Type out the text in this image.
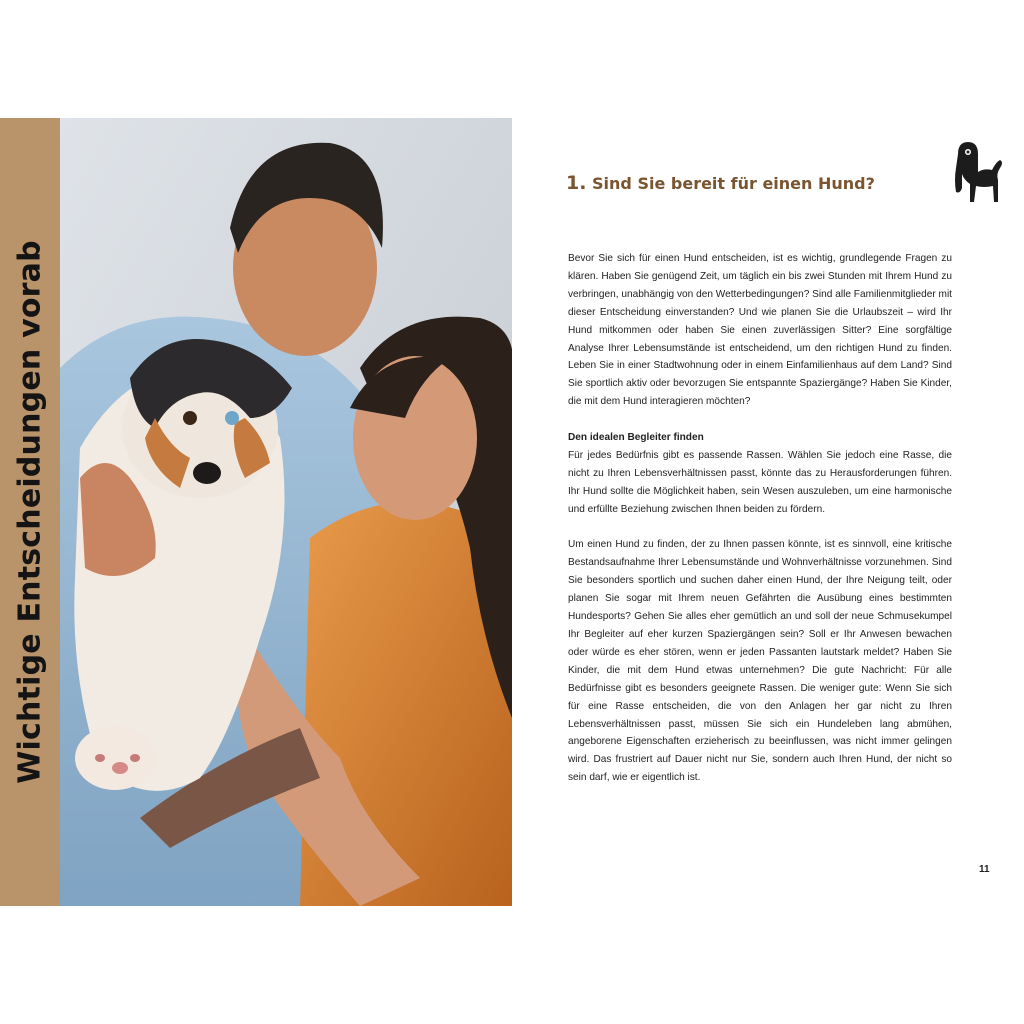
Wichtige Entscheidungen vorab
1. Sind Sie bereit für einen Hund?

Bevor Sie sich für einen Hund entscheiden, ist es wichtig, grundlegende Fragen zu klären. Haben Sie genügend Zeit, um täglich ein bis zwei Stunden mit Ihrem Hund zu verbringen, unabhängig von den Wetterbedingungen? Sind alle Familienmitglieder mit dieser Entscheidung einverstanden? Und wie planen Sie die Urlaubszeit – wird Ihr Hund mitkommen oder haben Sie einen zuverlässigen Sitter? Eine sorgfältige Analyse Ihrer Lebensumstände ist entscheidend, um den richtigen Hund zu finden. Leben Sie in einer Stadtwohnung oder in einem Einfamilienhaus auf dem Land? Sind Sie sportlich aktiv oder bevorzugen Sie entspannte Spaziergänge? Haben Sie Kinder, die mit dem Hund interagieren möchten?

Den idealen Begleiter finden

Für jedes Bedürfnis gibt es passende Rassen. Wählen Sie jedoch eine Rasse, die nicht zu Ihren Lebensverhältnissen passt, könnte das zu Herausforderungen führen. Ihr Hund sollte die Möglichkeit haben, sein Wesen auszuleben, um eine harmonische und erfüllte Beziehung zwischen Ihnen beiden zu fördern.

Um einen Hund zu finden, der zu Ihnen passen könnte, ist es sinnvoll, eine kritische Bestandsaufnahme Ihrer Lebensumstände und Wohnverhältnisse vorzunehmen. Sind Sie besonders sportlich und suchen daher einen Hund, der Ihre Neigung teilt, oder planen Sie sogar mit Ihrem neuen Gefährten die Ausübung eines bestimmten Hundesports? Gehen Sie alles eher gemütlich an und soll der neue Schmusekumpel Ihr Begleiter auf eher kurzen Spaziergängen sein? Soll er Ihr Anwesen bewachen oder würde es eher stören, wenn er jeden Passanten lautstark meldet? Haben Sie Kinder, die mit dem Hund etwas unternehmen? Die gute Nachricht: Für alle Bedürfnisse gibt es besonders geeignete Rassen. Die weniger gute: Wenn Sie sich für eine Rasse entscheiden, die von den Anlagen her gar nicht zu Ihren Lebensverhältnissen passt, müssen Sie sich ein Hundeleben lang abmühen, angeborene Eigenschaften erzieherisch zu beeinflussen, was nicht immer gelingen wird. Das frustriert auf Dauer nicht nur Sie, sondern auch Ihren Hund, der nicht so sein darf, wie er eigentlich ist.

11
